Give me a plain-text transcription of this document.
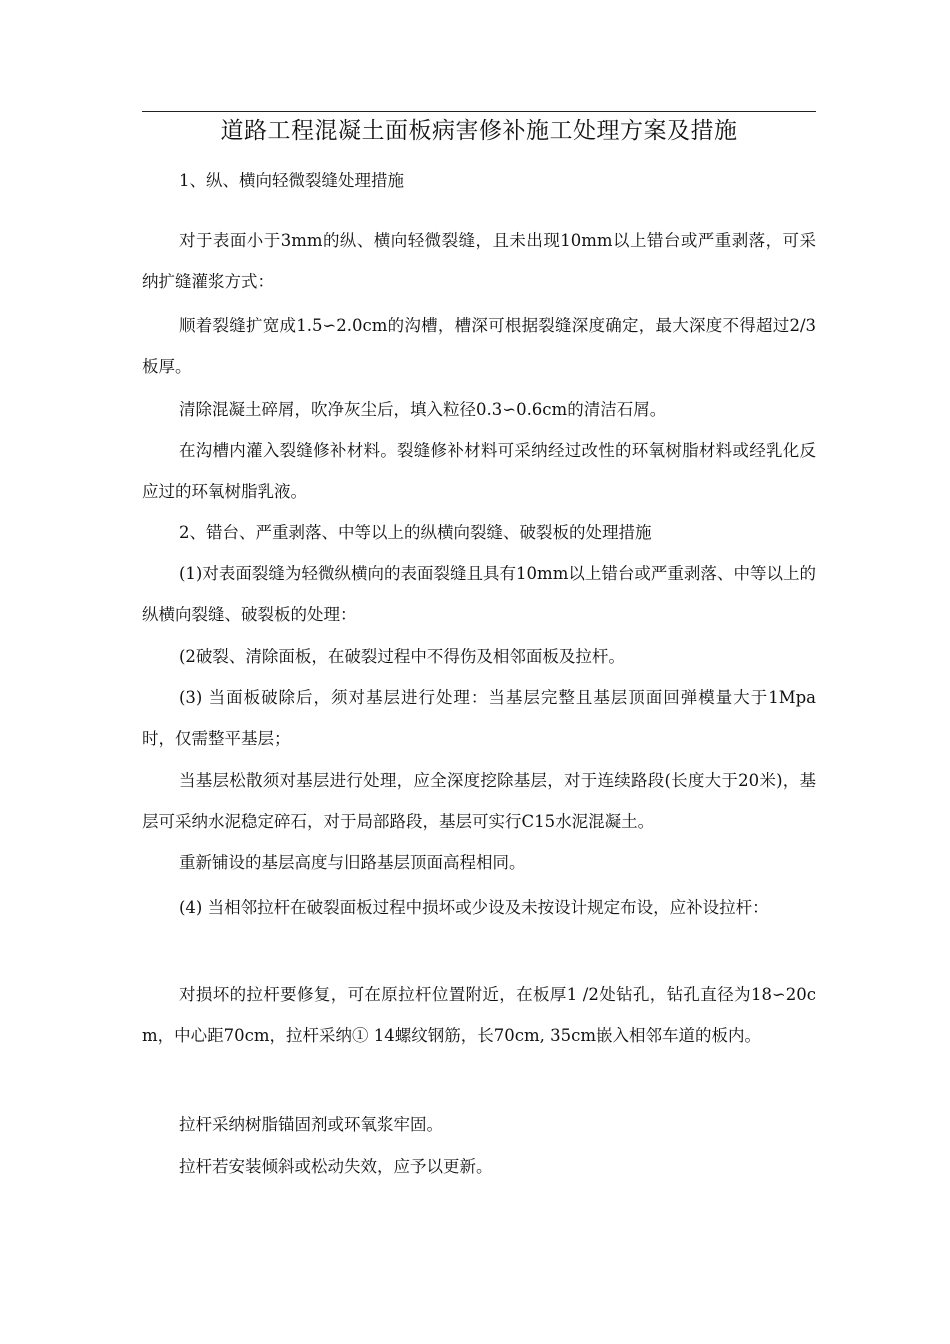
道路工程混凝土面板病害修补施工处理方案及措施
1、纵、横向轻微裂缝处理措施
对于表面小于3mm的纵、横向轻微裂缝，且未出现10mm以上错台或严重剥落，可采纳扩缝灌浆方式：
顺着裂缝扩宽成1.5∽2.0cm的沟槽，槽深可根据裂缝深度确定，最大深度不得超过2/3板厚。
清除混凝土碎屑，吹净灰尘后，填入粒径0.3∽0.6cm的清洁石屑。
在沟槽内灌入裂缝修补材料。裂缝修补材料可采纳经过改性的环氧树脂材料或经乳化反应过的环氧树脂乳液。
2、错台、严重剥落、中等以上的纵横向裂缝、破裂板的处理措施
(1)对表面裂缝为轻微纵横向的表面裂缝且具有10mm以上错台或严重剥落、中等以上的纵横向裂缝、破裂板的处理：
(2破裂、清除面板，在破裂过程中不得伤及相邻面板及拉杆。
(3) 当面板破除后，须对基层进行处理：当基层完整且基层顶面回弹模量大于1Mpa时，仅需整平基层；
当基层松散须对基层进行处理，应全深度挖除基层，对于连续路段(长度大于20米)，基层可采纳水泥稳定碎石，对于局部路段，基层可实行C15水泥混凝土。
重新铺设的基层高度与旧路基层顶面高程相同。
(4) 当相邻拉杆在破裂面板过程中损坏或少设及未按设计规定布设，应补设拉杆：
对损坏的拉杆要修复，可在原拉杆位置附近，在板厚1 /2处钻孔，钻孔直径为18∽20cm，中心距70cm，拉杆采纳① 14螺纹钢筋，长70cm, 35cm嵌入相邻车道的板内。
拉杆采纳树脂锚固剂或环氧浆牢固。
拉杆若安装倾斜或松动失效，应予以更新。
